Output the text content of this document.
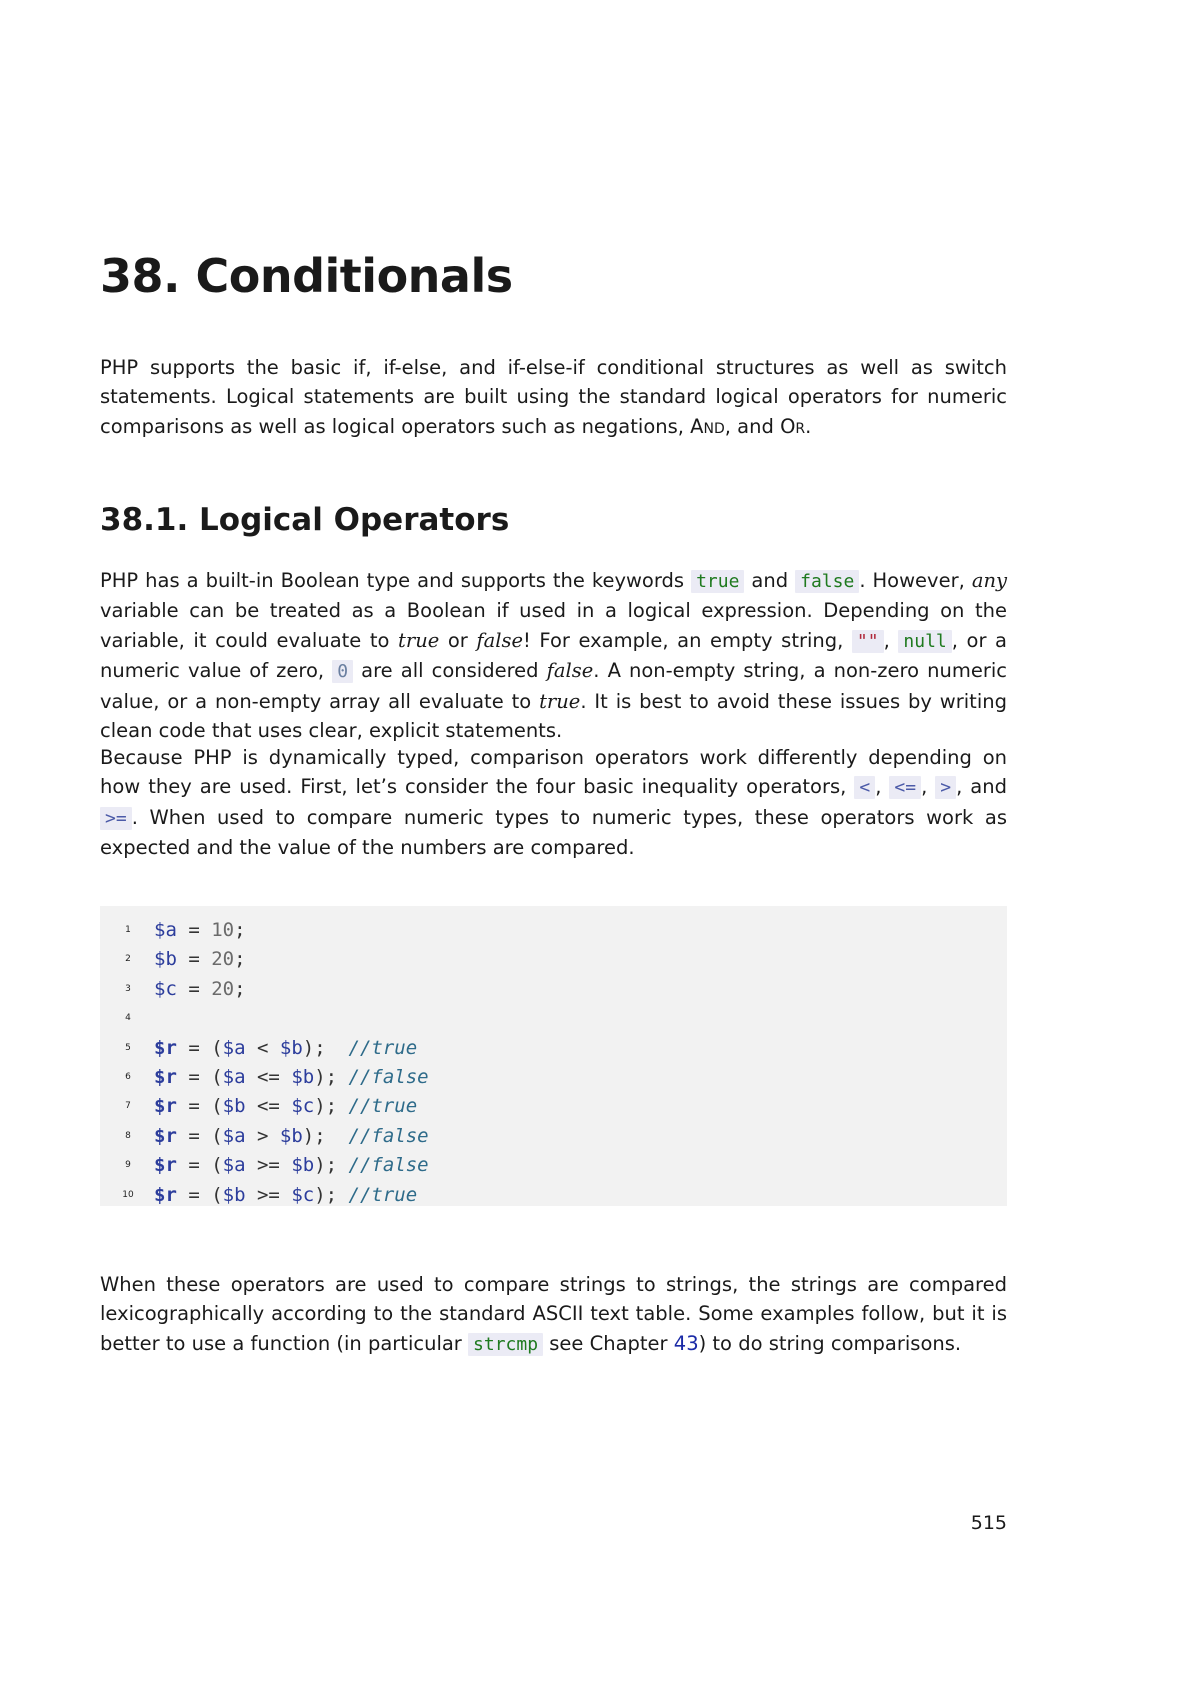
38. Conditionals

PHP supports the basic if, if-else, and if-else-if conditional structures as well as switch statements. Logical statements are built using the standard logical operators for numeric comparisons as well as logical operators such as negations, And, and Or.

38.1. Logical Operators

PHP has a built-in Boolean type and supports the keywords true and false . However, any variable can be treated as a Boolean if used in a logical expression. Depending on the variable, it could evaluate to true or false! For example, an empty string, "" , null , or a numeric value of zero, 0 are all considered false. A non-empty string, a non-zero numeric value, or a non-empty array all evaluate to true. It is best to avoid these issues by writing clean code that uses clear, explicit statements.

Because PHP is dynamically typed, comparison operators work differently depending on how they are used. First, let’s consider the four basic inequality operators, < , <= , > , and >= . When used to compare numeric types to numeric types, these operators work as expected and the value of the numbers are compared.

1	$a = 10;
2	$b = 20;
3	$c = 20;
4
5	$r = ($a < $b);  //true
6	$r = ($a <= $b); //false
7	$r = ($b <= $c); //true
8	$r = ($a > $b);  //false
9	$r = ($a >= $b); //false
10 $r = ($b >= $c); //true

When these operators are used to compare strings to strings, the strings are compared lexicographically according to the standard ASCII text table. Some examples follow, but it is better to use a function (in particular strcmp see Chapter 43) to do string comparisons.

515
